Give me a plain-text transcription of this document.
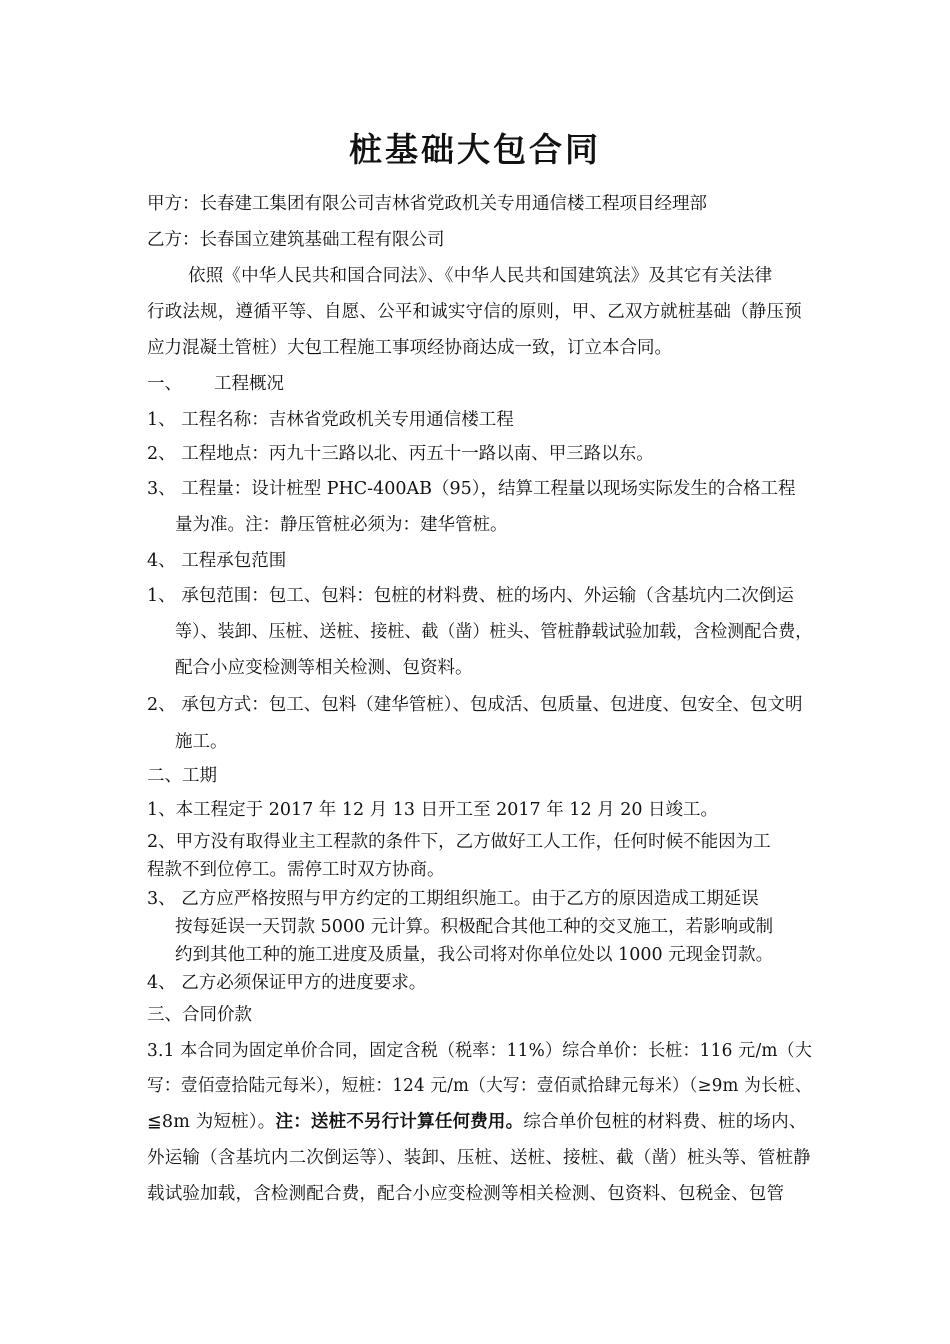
桩基础大包合同
甲方：长春建工集团有限公司吉林省党政机关专用通信楼工程项目经理部
乙方：长春国立建筑基础工程有限公司
依照《中华人民共和国合同法》、《中华人民共和国建筑法》及其它有关法律
行政法规，遵循平等、自愿、公平和诚实守信的原则，甲、乙双方就桩基础（静压预
应力混凝土管桩）大包工程施工事项经协商达成一致，订立本合同。
一、 工程概况
1、 工程名称：吉林省党政机关专用通信楼工程
2、 工程地点：丙九十三路以北、丙五十一路以南、甲三路以东。
3、 工程量：设计桩型 PHC-400AB（95），结算工程量以现场实际发生的合格工程
量为准。注：静压管桩必须为：建华管桩。
4、 工程承包范围
1、 承包范围：包工、包料：包桩的材料费、桩的场内、外运输（含基坑内二次倒运
等）、装卸、压桩、送桩、接桩、截（凿）桩头、管桩静载试验加载，含检测配合费，
配合小应变检测等相关检测、包资料。
2、 承包方式：包工、包料（建华管桩）、包成活、包质量、包进度、包安全、包文明
施工。
二、工期
1、本工程定于 2017 年 12 月 13 日开工至 2017 年 12 月 20 日竣工。
2、甲方没有取得业主工程款的条件下，乙方做好工人工作，任何时候不能因为工
程款不到位停工。需停工时双方协商。
3、 乙方应严格按照与甲方约定的工期组织施工。由于乙方的原因造成工期延误
按每延误一天罚款 5000 元计算。积极配合其他工种的交叉施工，若影响或制
约到其他工种的施工进度及质量，我公司将对你单位处以 1000 元现金罚款。
4、 乙方必须保证甲方的进度要求。
三、合同价款
3.1 本合同为固定单价合同，固定含税（税率：11%）综合单价：长桩：116 元/m（大
写：壹佰壹拾陆元每米），短桩：124 元/m（大写：壹佰贰拾肆元每米）（≥9m 为长桩、
≦8m 为短桩）。注：送桩不另行计算任何费用。综合单价包桩的材料费、桩的场内、
外运输（含基坑内二次倒运等）、装卸、压桩、送桩、接桩、截（凿）桩头等、管桩静
载试验加载，含检测配合费，配合小应变检测等相关检测、包资料、包税金、包管
